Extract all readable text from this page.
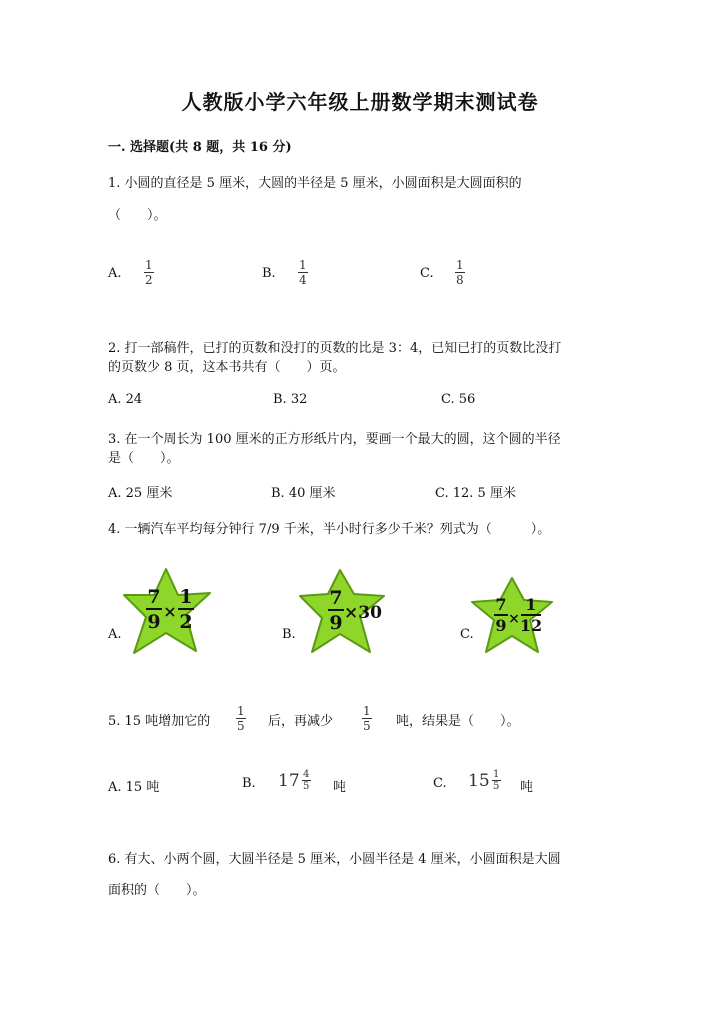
人教版小学六年级上册数学期末测试卷
一. 选择题(共 8 题，共 16 分)
1. 小圆的直径是 5 厘米，大圆的半径是 5 厘米，小圆面积是大圆面积的
（　　）。
A.
1
2	B.
1
4	C.
1
8
2. 打一部稿件，已打的页数和没打的页数的比是 3：4，已知已打的页数比没打
的页数少 8 页，这本书共有（　　）页。
A. 24	B. 32	C. 56
3. 在一个周长为 100 厘米的正方形纸片内，要画一个最大的圆，这个圆的半径
是（　　）。
A. 25 厘米	B. 40 厘米	C. 12. 5 厘米
4. 一辆汽车平均每分钟行 7/9 千米，半小时行多少千米？列式为（　　　）。
A.	B.	C.
7
9 ×
1
2
7
9 ×30	7
9 ×
1
12
5. 15 吨增加它的
1
5 后，再减少
1
5 吨，结果是（　　）。
A. 15 吨	B. $17 \frac{4}{5}$ 吨	C. $15 \frac{1}{5}$ 吨
6. 有大、小两个圆，大圆半径是 5 厘米，小圆半径是 4 厘米，小圆面积是大圆
面积的（　　）。
